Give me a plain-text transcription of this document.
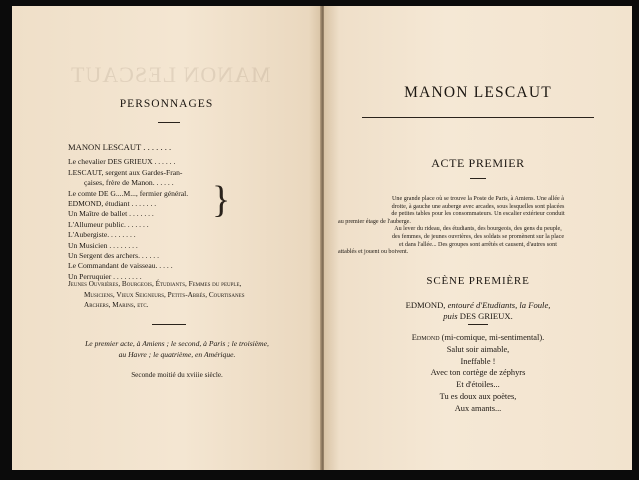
MANON LESCAUT
PERSONNAGES
MANON LESCAUT . . . . . . .
Le chevalier DES GRIEUX . . . . . .
LESCAUT, sergent aux Gardes-Fran-
çaises, frère de Manon. . . . . .
Le comte DE G....M..., fermier général.
EDMOND, étudiant . . . . . . .
Un Maître de ballet . . . . . . .
L'Allumeur public. . . . . . .
L'Aubergiste. . . . . . . .
Un Musicien . . . . . . . .
Un Sergent des archers. . . . . .
Le Commandant de vaisseau. . . . .
Un Perruquier . . . . . . . .
}
Jeunes Ouvrières, Bourgeois, Étudiants, Femmes du peuple,
Musiciens, Vieux Seigneurs, Petits-Abbés, Courtisanes
Archers, Marins, etc.
Le premier acte, à Amiens ; le second, à Paris ; le troisième,
au Havre ; le quatrième, en Amérique.
Seconde moitié du xviiie siècle.
MANON LESCAUT
ACTE PREMIER
Une grande place où se trouve la Poste de Paris, à Amiens. Une allée à
droite, à gauche une auberge avec arcades, sous lesquelles sont placées
de petites tables pour les consommateurs. Un escalier extérieur conduit
au premier étage de l'auberge.
Au lever du rideau, des étudiants, des bourgeois, des gens du peuple,
des femmes, de jeunes ouvrières, des soldats se promènent sur la place
et dans l'allée... Des groupes sont arrêtés et causent, d'autres sont
attablés et jouent ou boivent.
SCÈNE PREMIÈRE
EDMOND, entouré d'Etudiants, la Foule,
puis DES GRIEUX.
Edmond (mi-comique, mi-sentimental).
Salut soir aimable,
Ineffable !
Avec ton cortège de zéphyrs
Et d'étoiles...
Tu es doux aux poètes,
Aux amants...
